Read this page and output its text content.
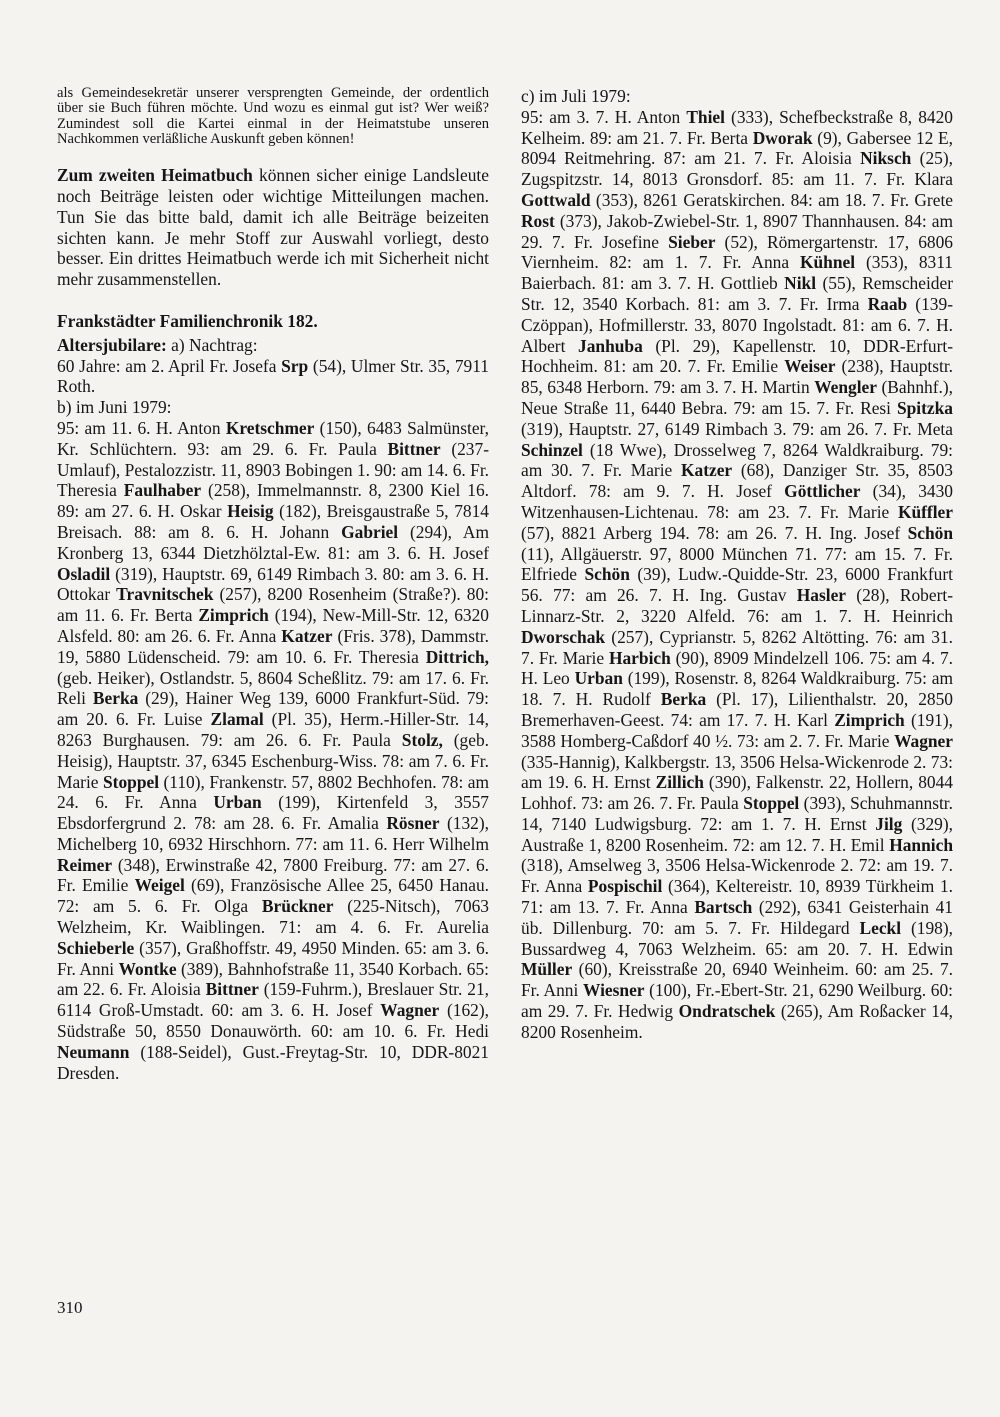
als Gemeindesekretär unserer versprengten Gemeinde, der ordentlich über sie Buch führen möchte. Und wozu es einmal gut ist? Wer weiß? Zumindest soll die Kartei einmal in der Heimatstube unseren Nachkommen verläßliche Auskunft geben können!

Zum zweiten Heimatbuch können sicher einige Landsleute noch Beiträge leisten oder wichtige Mitteilungen machen. Tun Sie das bitte bald, damit ich alle Beiträge beizeiten sichten kann. Je mehr Stoff zur Auswahl vorliegt, desto besser. Ein drittes Heimatbuch werde ich mit Sicherheit nicht mehr zusammenstellen.

Frankstädter Familienchronik 182.

Altersjubilare: a) Nachtrag:

60 Jahre: am 2. April Fr. Josefa Srp (54), Ulmer Str. 35, 7911 Roth.

b) im Juni 1979:

95: am 11. 6. H. Anton Kretschmer (150), 6483 Salmünster, Kr. Schlüchtern. 93: am 29. 6. Fr. Paula Bittner (237-Umlauf), Pestalozzistr. 11, 8903 Bobingen 1. 90: am 14. 6. Fr. Theresia Faulhaber (258), Immelmannstr. 8, 2300 Kiel 16. 89: am 27. 6. H. Oskar Heisig (182), Breisgaustraße 5, 7814 Breisach. 88: am 8. 6. H. Johann Gabriel (294), Am Kronberg 13, 6344 Dietzhölztal-Ew. 81: am 3. 6. H. Josef Osladil (319), Hauptstr. 69, 6149 Rimbach 3. 80: am 3. 6. H. Ottokar Travnitschek (257), 8200 Rosenheim (Straße?). 80: am 11. 6. Fr. Berta Zimprich (194), New-Mill-Str. 12, 6320 Alsfeld. 80: am 26. 6. Fr. Anna Katzer (Fris. 378), Dammstr. 19, 5880 Lüdenscheid. 79: am 10. 6. Fr. Theresia Dittrich, (geb. Heiker), Ostlandstr. 5, 8604 Scheßlitz. 79: am 17. 6. Fr. Reli Berka (29), Hainer Weg 139, 6000 Frankfurt-Süd. 79: am 20. 6. Fr. Luise Zlamal (Pl. 35), Herm.-Hiller-Str. 14, 8263 Burghausen. 79: am 26. 6. Fr. Paula Stolz, (geb. Heisig), Hauptstr. 37, 6345 Eschenburg-Wiss. 78: am 7. 6. Fr. Marie Stoppel (110), Frankenstr. 57, 8802 Bechhofen. 78: am 24. 6. Fr. Anna Urban (199), Kirtenfeld 3, 3557 Ebsdorfergrund 2. 78: am 28. 6. Fr. Amalia Rösner (132), Michelberg 10, 6932 Hirschhorn. 77: am 11. 6. Herr Wilhelm Reimer (348), Erwinstraße 42, 7800 Freiburg. 77: am 27. 6. Fr. Emilie Weigel (69), Französische Allee 25, 6450 Hanau. 72: am 5. 6. Fr. Olga Brückner (225-Nitsch), 7063 Welzheim, Kr. Waiblingen. 71: am 4. 6. Fr. Aurelia Schieberle (357), Graßhoffstr. 49, 4950 Minden. 65: am 3. 6. Fr. Anni Wontke (389), Bahnhofstraße 11, 3540 Korbach. 65: am 22. 6. Fr. Aloisia Bittner (159-Fuhrm.), Breslauer Str. 21, 6114 Groß-Umstadt. 60: am 3. 6. H. Josef Wagner (162), Südstraße 50, 8550 Donauwörth. 60: am 10. 6. Fr. Hedi Neumann (188-Seidel), Gust.-Freytag-Str. 10, DDR-8021 Dresden.

c) im Juli 1979:

95: am 3. 7. H. Anton Thiel (333), Schefbeckstraße 8, 8420 Kelheim. 89: am 21. 7. Fr. Berta Dworak (9), Gabersee 12 E, 8094 Reitmehring. 87: am 21. 7. Fr. Aloisia Niksch (25), Zugspitzstr. 14, 8013 Gronsdorf. 85: am 11. 7. Fr. Klara Gottwald (353), 8261 Geratskirchen. 84: am 18. 7. Fr. Grete Rost (373), Jakob-Zwiebel-Str. 1, 8907 Thannhausen. 84: am 29. 7. Fr. Josefine Sieber (52), Römergartenstr. 17, 6806 Viernheim. 82: am 1. 7. Fr. Anna Kühnel (353), 8311 Baierbach. 81: am 3. 7. H. Gottlieb Nikl (55), Remscheider Str. 12, 3540 Korbach. 81: am 3. 7. Fr. Irma Raab (139-Czöppan), Hofmillerstr. 33, 8070 Ingolstadt. 81: am 6. 7. H. Albert Janhuba (Pl. 29), Kapellenstr. 10, DDR-Erfurt-Hochheim. 81: am 20. 7. Fr. Emilie Weiser (238), Hauptstr. 85, 6348 Herborn. 79: am 3. 7. H. Martin Wengler (Bahnhf.), Neue Straße 11, 6440 Bebra. 79: am 15. 7. Fr. Resi Spitzka (319), Hauptstr. 27, 6149 Rimbach 3. 79: am 26. 7. Fr. Meta Schinzel (18 Wwe), Drosselweg 7, 8264 Waldkraiburg. 79: am 30. 7. Fr. Marie Katzer (68), Danziger Str. 35, 8503 Altdorf. 78: am 9. 7. H. Josef Göttlicher (34), 3430 Witzenhausen-Lichtenau. 78: am 23. 7. Fr. Marie Küffler (57), 8821 Arberg 194. 78: am 26. 7. H. Ing. Josef Schön (11), Allgäuerstr. 97, 8000 München 71. 77: am 15. 7. Fr. Elfriede Schön (39), Ludw.-Quidde-Str. 23, 6000 Frankfurt 56. 77: am 26. 7. H. Ing. Gustav Hasler (28), Robert-Linnarz-Str. 2, 3220 Alfeld. 76: am 1. 7. H. Heinrich Dworschak (257), Cyprianstr. 5, 8262 Altötting. 76: am 31. 7. Fr. Marie Harbich (90), 8909 Mindelzell 106. 75: am 4. 7. H. Leo Urban (199), Rosenstr. 8, 8264 Waldkraiburg. 75: am 18. 7. H. Rudolf Berka (Pl. 17), Lilienthalstr. 20, 2850 Bremerhaven-Geest. 74: am 17. 7. H. Karl Zimprich (191), 3588 Homberg-Caßdorf 40 ½. 73: am 2. 7. Fr. Marie Wagner (335-Hannig), Kalkbergstr. 13, 3506 Helsa-Wickenrode 2. 73: am 19. 6. H. Ernst Zillich (390), Falkenstr. 22, Hollern, 8044 Lohhof. 73: am 26. 7. Fr. Paula Stoppel (393), Schuhmannstr. 14, 7140 Ludwigsburg. 72: am 1. 7. H. Ernst Jilg (329), Austraße 1, 8200 Rosenheim. 72: am 12. 7. H. Emil Hannich (318), Amselweg 3, 3506 Helsa-Wickenrode 2. 72: am 19. 7. Fr. Anna Pospischil (364), Keltereistr. 10, 8939 Türkheim 1. 71: am 13. 7. Fr. Anna Bartsch (292), 6341 Geisterhain 41 üb. Dillenburg. 70: am 5. 7. Fr. Hildegard Leckl (198), Bussardweg 4, 7063 Welzheim. 65: am 20. 7. H. Edwin Müller (60), Kreisstraße 20, 6940 Weinheim. 60: am 25. 7. Fr. Anni Wiesner (100), Fr.-Ebert-Str. 21, 6290 Weilburg. 60: am 29. 7. Fr. Hedwig Ondratschek (265), Am Roßacker 14, 8200 Rosenheim.

310
